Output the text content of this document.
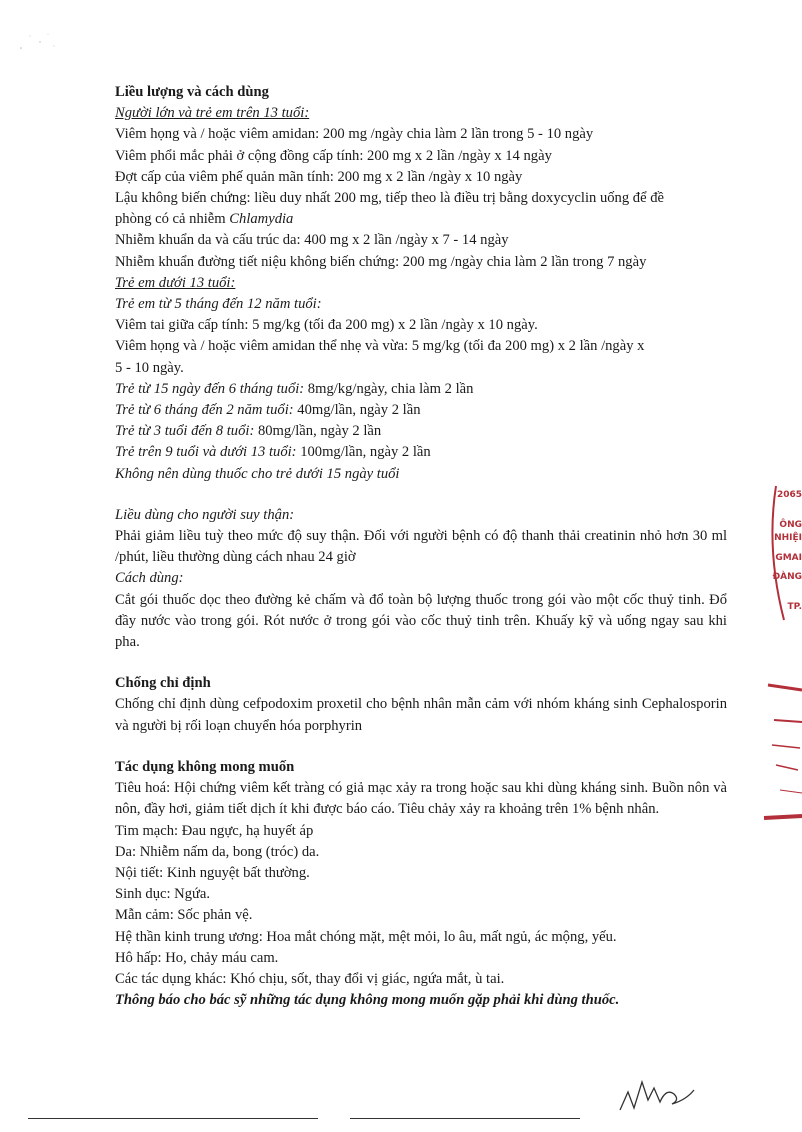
Liều lượng và cách dùng
Người lớn và trẻ em trên 13 tuổi:
Viêm họng và / hoặc viêm amidan: 200 mg /ngày chia làm 2 lần trong 5 - 10 ngày
Viêm phổi mắc phải ở cộng đồng cấp tính: 200 mg x 2 lần /ngày x 14 ngày
Đợt cấp của viêm phế quản mãn tính: 200 mg x 2 lần /ngày x 10 ngày
Lậu không biến chứng: liều duy nhất 200 mg, tiếp theo là điều trị bằng doxycyclin uống để đề
phòng có cả nhiễm Chlamydia
Nhiễm khuẩn da và cấu trúc da: 400 mg x 2 lần /ngày x 7 - 14 ngày
Nhiễm khuẩn đường tiết niệu không biến chứng: 200 mg /ngày chia làm 2 lần trong 7 ngày
Trẻ em dưới 13 tuổi:
Trẻ em từ 5 tháng đến 12 năm tuổi:
Viêm tai giữa cấp tính: 5 mg/kg (tối đa 200 mg) x 2 lần /ngày x 10 ngày.
Viêm họng và / hoặc viêm amidan thể nhẹ và vừa: 5 mg/kg (tối đa 200 mg) x 2 lần /ngày x
5 - 10 ngày.
Trẻ từ 15 ngày đến 6 tháng tuổi: 8mg/kg/ngày, chia làm 2 lần
Trẻ từ 6 tháng đến 2 năm tuổi: 40mg/lần, ngày 2 lần
Trẻ từ 3 tuổi đến 8 tuổi: 80mg/lần, ngày 2 lần
Trẻ trên 9 tuổi và dưới 13 tuổi: 100mg/lần, ngày 2 lần
Không nên dùng thuốc cho trẻ dưới 15 ngày tuổi
Liều dùng cho người suy thận:
Phải giảm liều tuỳ theo mức độ suy thận. Đối với người bệnh có độ thanh thải creatinin nhỏ hơn 30 ml /phút, liều thường dùng cách nhau 24 giờ
Cách dùng:
Cắt gói thuốc dọc theo đường kẻ chấm và đổ toàn bộ lượng thuốc trong gói vào một cốc thuỷ tinh. Đổ đầy nước vào trong gói. Rót nước ở trong gói vào cốc thuỷ tinh trên. Khuấy kỹ và uống ngay sau khi pha.
Chống chỉ định
Chống chỉ định dùng cefpodoxim proxetil cho bệnh nhân mẫn cảm với nhóm kháng sinh Cephalosporin và người bị rối loạn chuyển hóa porphyrin
Tác dụng không mong muốn
Tiêu hoá: Hội chứng viêm kết tràng có giả mạc xảy ra trong hoặc sau khi dùng kháng sinh. Buồn nôn và nôn, đầy hơi, giảm tiết dịch ít khi được báo cáo. Tiêu chảy xảy ra khoảng trên 1% bệnh nhân.
Tim mạch: Đau ngực, hạ huyết áp
Da: Nhiễm nấm da, bong (tróc) da.
Nội tiết: Kinh nguyệt bất thường.
Sinh dục: Ngứa.
Mẫn cảm: Sốc phản vệ.
Hệ thần kinh trung ương: Hoa mắt chóng mặt, mệt mỏi, lo âu, mất ngủ, ác mộng, yếu.
Hô hấp: Ho, chảy máu cam.
Các tác dụng khác: Khó chịu, sốt, thay đổi vị giác, ngứa mắt, ù tai.
Thông báo cho bác sỹ những tác dụng không mong muốn gặp phải khi dùng thuốc.
2065
ÔNG
NHIỆI
GMAI
ĐÀNG
TP.
